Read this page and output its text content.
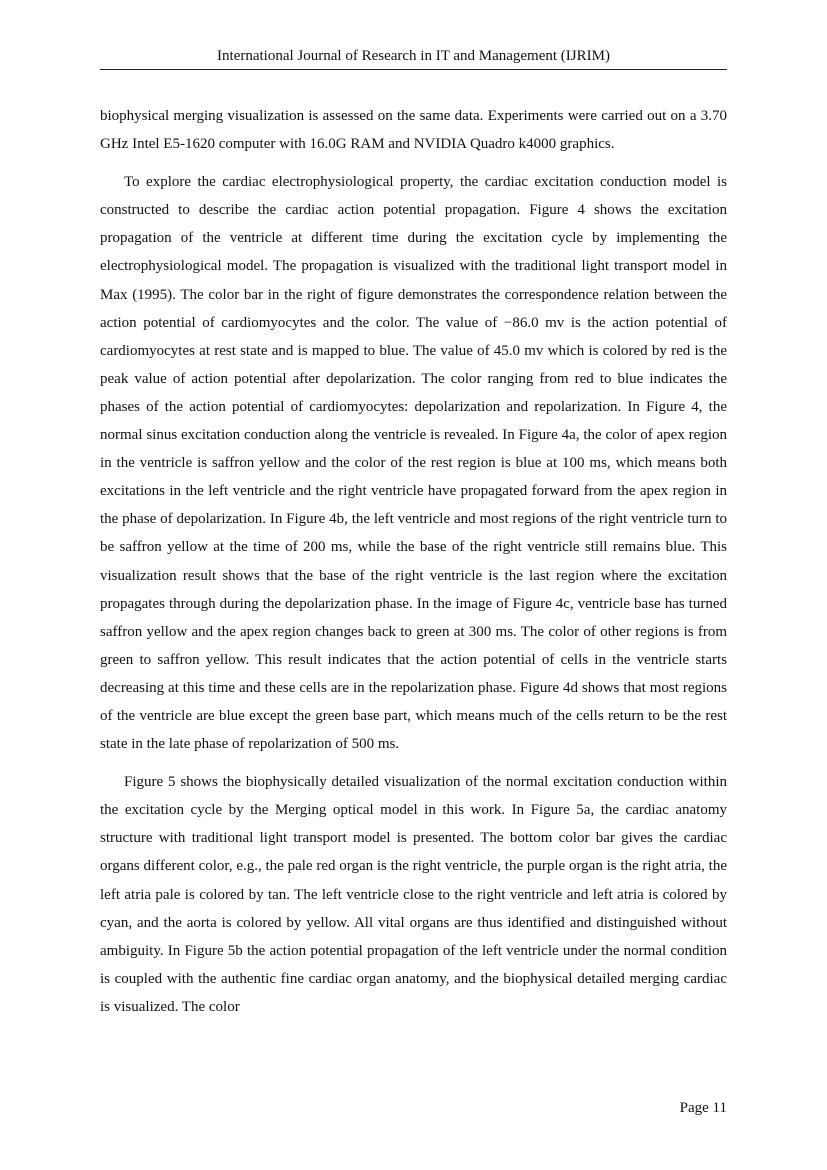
International Journal of Research in IT and Management (IJRIM)

biophysical merging visualization is assessed on the same data. Experiments were carried out on a 3.70 GHz Intel E5-1620 computer with 16.0G RAM and NVIDIA Quadro k4000 graphics.

To explore the cardiac electrophysiological property, the cardiac excitation conduction model is constructed to describe the cardiac action potential propagation. Figure 4 shows the excitation propagation of the ventricle at different time during the excitation cycle by implementing the electrophysiological model. The propagation is visualized with the traditional light transport model in Max (1995). The color bar in the right of figure demonstrates the correspondence relation between the action potential of cardiomyocytes and the color. The value of −86.0 mv is the action potential of cardiomyocytes at rest state and is mapped to blue. The value of 45.0 mv which is colored by red is the peak value of action potential after depolarization. The color ranging from red to blue indicates the phases of the action potential of cardiomyocytes: depolarization and repolarization. In Figure 4, the normal sinus excitation conduction along the ventricle is revealed. In Figure 4a, the color of apex region in the ventricle is saffron yellow and the color of the rest region is blue at 100 ms, which means both excitations in the left ventricle and the right ventricle have propagated forward from the apex region in the phase of depolarization. In Figure 4b, the left ventricle and most regions of the right ventricle turn to be saffron yellow at the time of 200 ms, while the base of the right ventricle still remains blue. This visualization result shows that the base of the right ventricle is the last region where the excitation propagates through during the depolarization phase. In the image of Figure 4c, ventricle base has turned saffron yellow and the apex region changes back to green at 300 ms. The color of other regions is from green to saffron yellow. This result indicates that the action potential of cells in the ventricle starts decreasing at this time and these cells are in the repolarization phase. Figure 4d shows that most regions of the ventricle are blue except the green base part, which means much of the cells return to be the rest state in the late phase of repolarization of 500 ms.

Figure 5 shows the biophysically detailed visualization of the normal excitation conduction within the excitation cycle by the Merging optical model in this work. In Figure 5a, the cardiac anatomy structure with traditional light transport model is presented. The bottom color bar gives the cardiac organs different color, e.g., the pale red organ is the right ventricle, the purple organ is the right atria, the left atria pale is colored by tan. The left ventricle close to the right ventricle and left atria is colored by cyan, and the aorta is colored by yellow. All vital organs are thus identified and distinguished without ambiguity. In Figure 5b the action potential propagation of the left ventricle under the normal condition is coupled with the authentic fine cardiac organ anatomy, and the biophysical detailed merging cardiac is visualized. The color

Page 11
